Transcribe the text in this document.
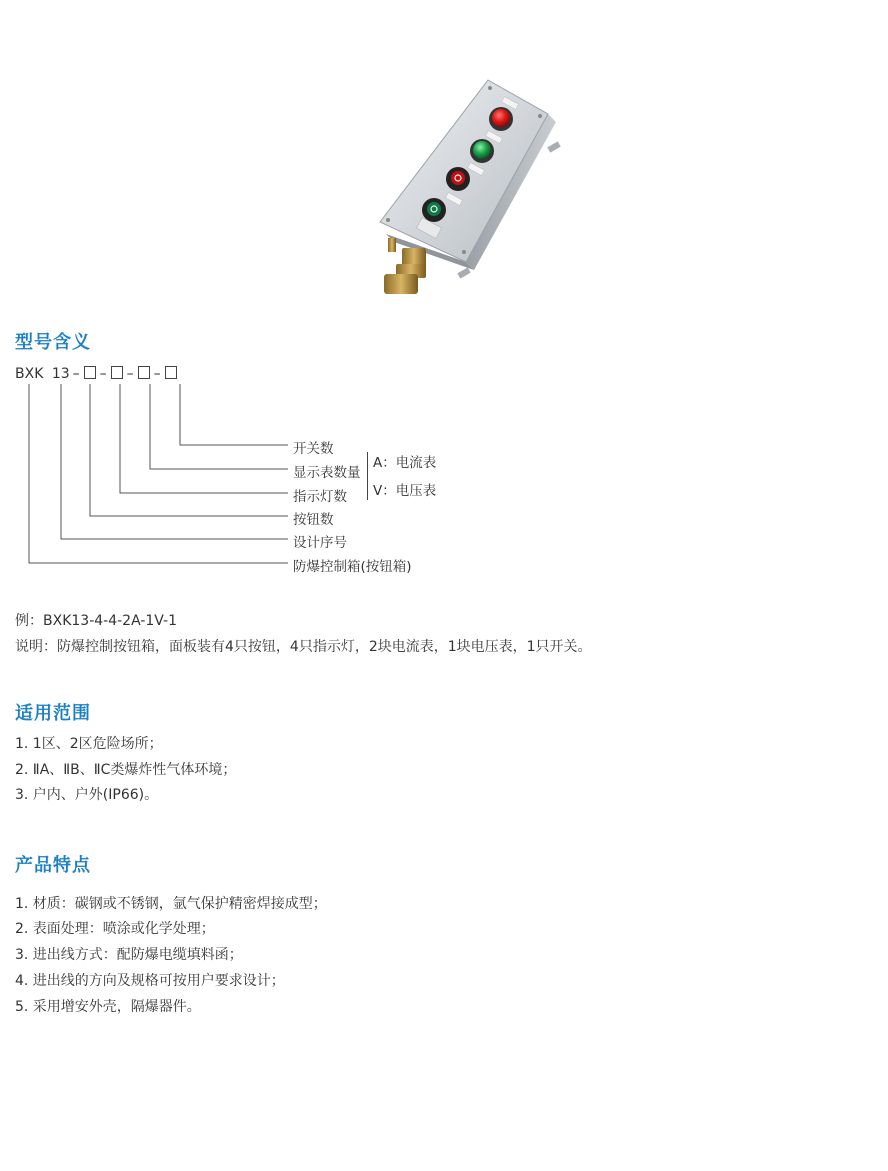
型号含义
BXK 13 – – – –
开关数
显示表数量
指示灯数
按钮数
设计序号
防爆控制箱(按钮箱)
A：电流表
V：电压表
例：BXK13-4-4-2A-1V-1
说明：防爆控制按钮箱，面板装有4只按钮，4只指示灯，2块电流表，1块电压表，1只开关。
适用范围
1. 1区、2区危险场所；
2. ⅡA、ⅡB、ⅡC类爆炸性气体环境；
3. 户内、户外(IP66)。
产品特点
1. 材质：碳钢或不锈钢，氩气保护精密焊接成型；
2. 表面处理：喷涂或化学处理；
3. 进出线方式：配防爆电缆填料函；
4. 进出线的方向及规格可按用户要求设计；
5. 采用增安外壳，隔爆器件。
